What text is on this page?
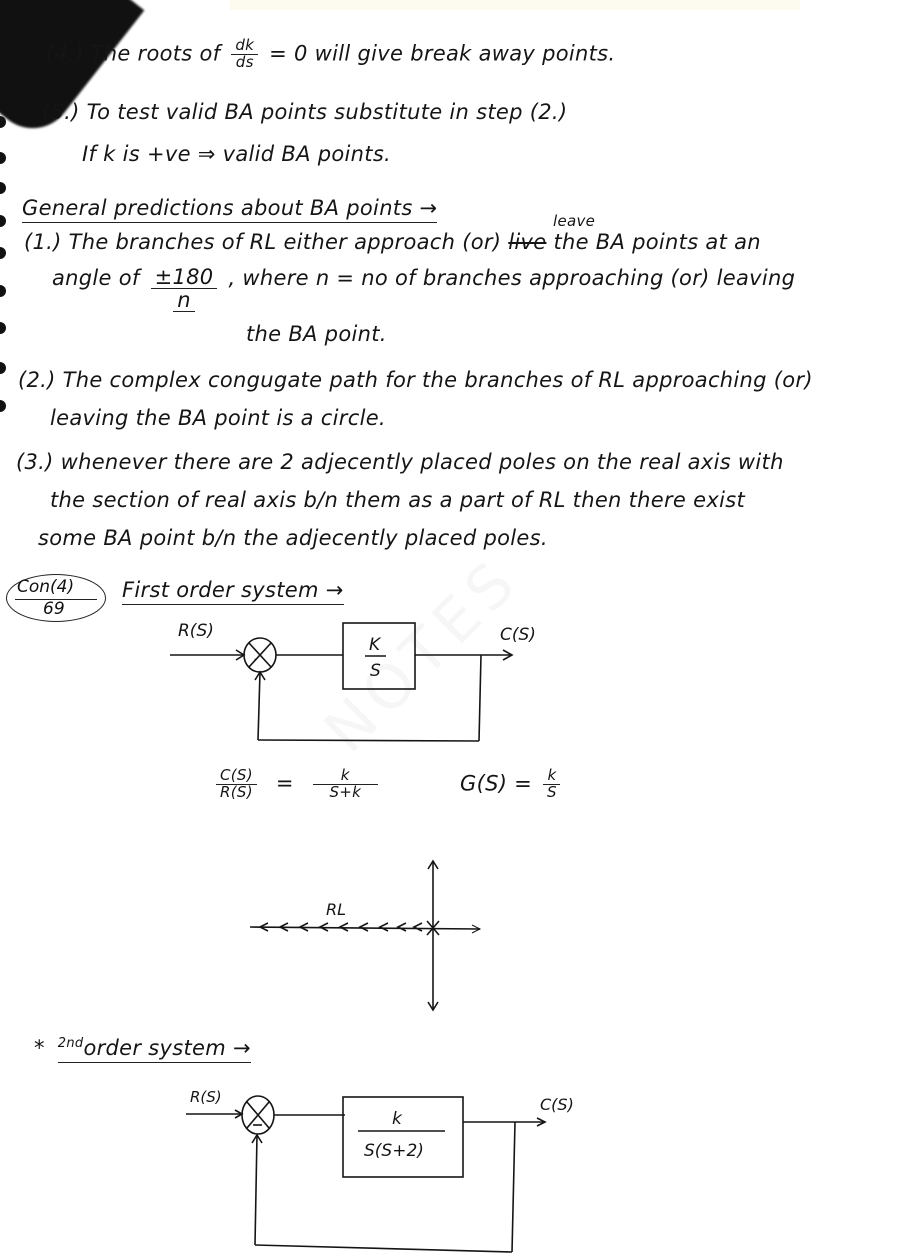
(4.) The roots of $\frac{dk}{ds} = 0$ will give break away points.
(5.) To test valid BA points substitute in step (2.)
If k is +ve ⇒ valid BA points.
General predictions about BA points →
leave
(1.) The branches of RL either approach (or) live the BA points at an
angle of $\frac{\pm 180}{n}$ , where n = no of branches approaching (or) leaving
the BA point.
(2.) The complex congugate path for the branches of RL approaching (or)
leaving the BA point is a circle.
(3.) whenever there are 2 adjecently placed poles on the real axis with
the section of real axis b/n them as a part of RL then there exist
some BA point b/n the adjecently placed poles.
Con(4)
69
First order system →
R(S)	C(S)
K
S
-
$\frac{C(S)}{R(S)} = \frac{k}{S+k}$	$G(S) = \frac{k}{S}$
RL
* $^{2nd}$order system →
R(S)	C(S)
k
S(S+2)
